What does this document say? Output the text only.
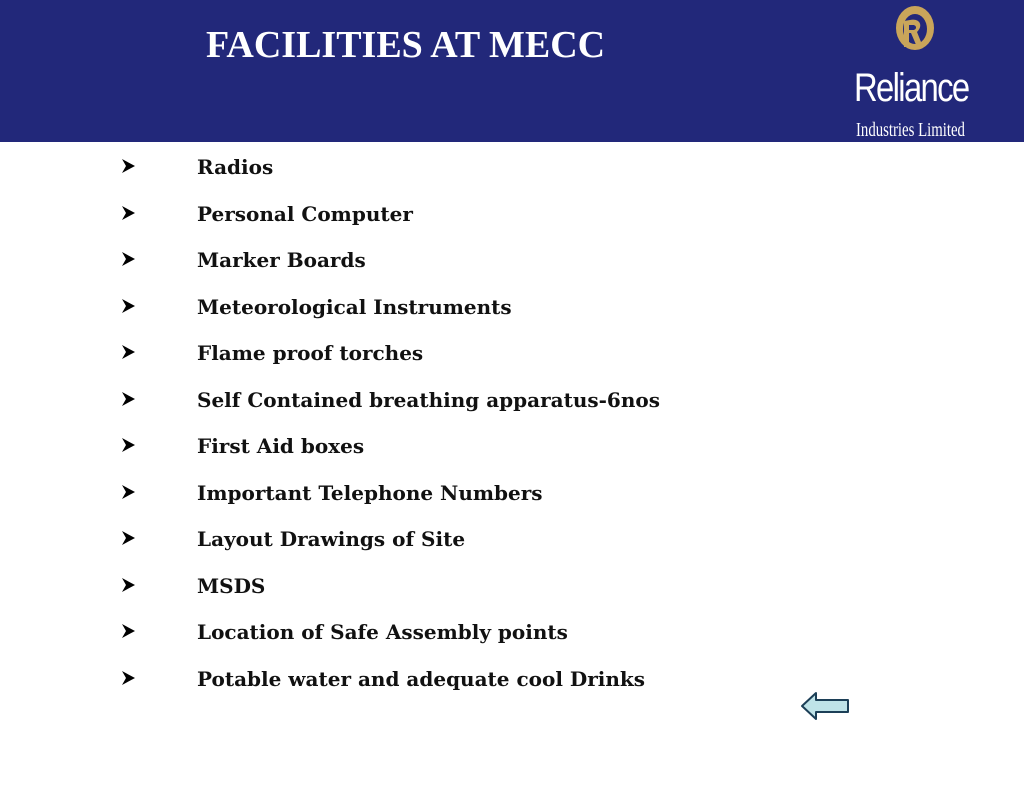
FACILITIES AT MECC
Reliance
Industries Limited
Radios
Personal Computer
Marker Boards
Meteorological Instruments
Flame proof torches
Self Contained breathing apparatus-6nos
First Aid boxes
Important Telephone Numbers
Layout Drawings of Site
MSDS
Location of Safe Assembly points
Potable water and adequate cool Drinks
